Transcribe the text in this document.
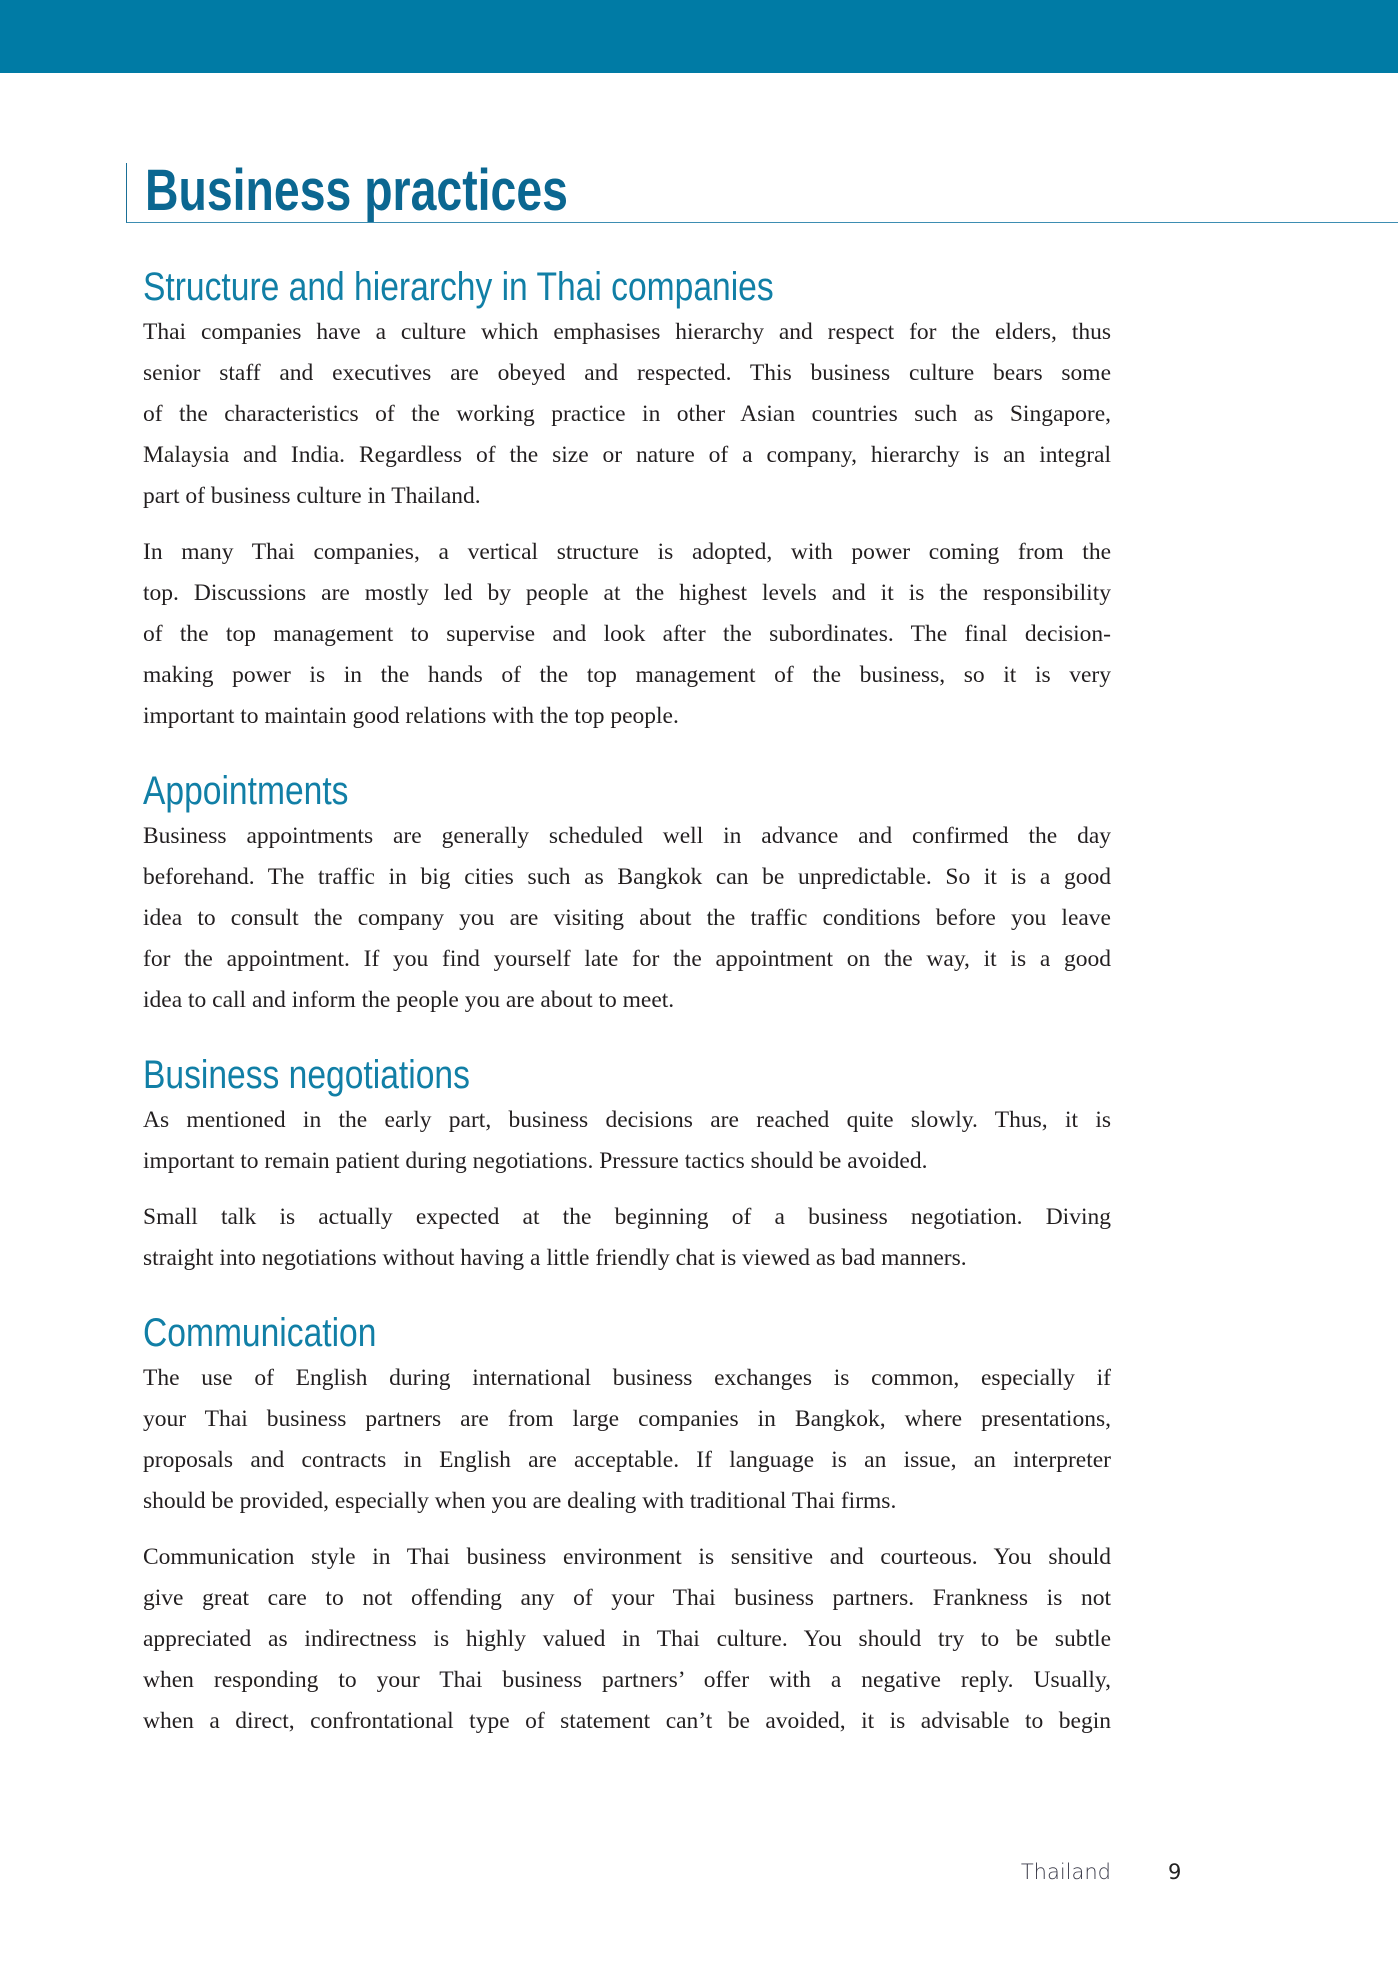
Business practices
Structure and hierarchy in Thai companies

Thai companies have a culture which emphasises hierarchy and respect for the elders, thus
senior staff and executives are obeyed and respected. This business culture bears some
of the characteristics of the working practice in other Asian countries such as Singapore,
Malaysia and India. Regardless of the size or nature of a company, hierarchy is an integral
part of business culture in Thailand.

In many Thai companies, a vertical structure is adopted, with power coming from the
top. Discussions are mostly led by people at the highest levels and it is the responsibility
of the top management to supervise and look after the subordinates. The final decision-
making power is in the hands of the top management of the business, so it is very
important to maintain good relations with the top people.

Appointments

Business appointments are generally scheduled well in advance and confirmed the day
beforehand. The traffic in big cities such as Bangkok can be unpredictable. So it is a good
idea to consult the company you are visiting about the traffic conditions before you leave
for the appointment. If you find yourself late for the appointment on the way, it is a good
idea to call and inform the people you are about to meet.

Business negotiations

As mentioned in the early part, business decisions are reached quite slowly. Thus, it is
important to remain patient during negotiations. Pressure tactics should be avoided.

Small talk is actually expected at the beginning of a business negotiation. Diving
straight into negotiations without having a little friendly chat is viewed as bad manners.

Communication

The use of English during international business exchanges is common, especially if
your Thai business partners are from large companies in Bangkok, where presentations,
proposals and contracts in English are acceptable. If language is an issue, an interpreter
should be provided, especially when you are dealing with traditional Thai firms.

Communication style in Thai business environment is sensitive and courteous. You should
give great care to not offending any of your Thai business partners. Frankness is not
appreciated as indirectness is highly valued in Thai culture. You should try to be subtle
when responding to your Thai business partners’ offer with a negative reply. Usually,
when a direct, confrontational type of statement can’t be avoided, it is advisable to begin

Thailand	9
